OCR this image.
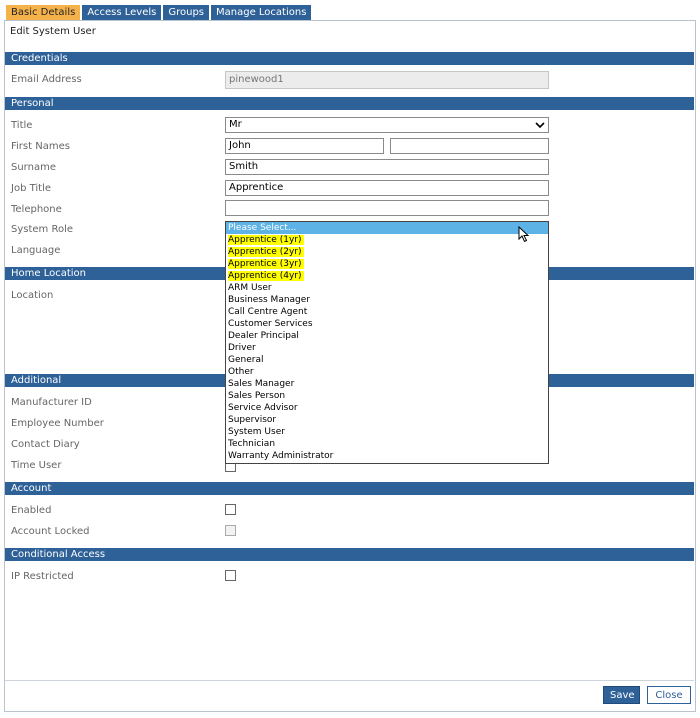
Basic Details	Access Levels	Groups	Manage Locations
Edit System User
Credentials
Email Address	pinewood1
Personal
Title	Mr
First Names	John
Surname	Smith
Job Title	Apprentice
Telephone
System Role
Language
Home Location
Location
Additional
Manufacturer ID
Employee Number
Contact Diary
Time User
Account
Enabled
Account Locked
Conditional Access
IP Restricted
Please Select...
Apprentice (1yr)
Apprentice (2yr)
Apprentice (3yr)
Apprentice (4yr)
ARM User
Business Manager
Call Centre Agent
Customer Services
Dealer Principal
Driver
General
Other
Sales Manager
Sales Person
Service Advisor
Supervisor
System User
Technician
Warranty Administrator
Save	Close
